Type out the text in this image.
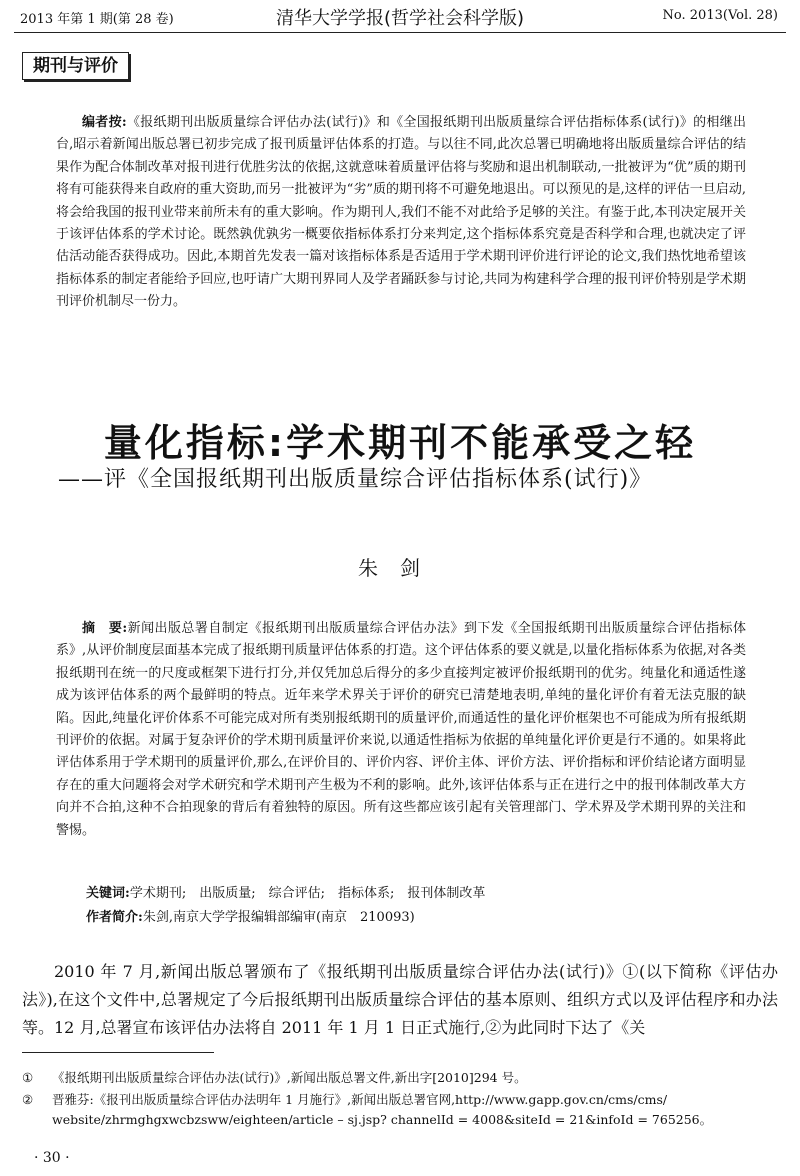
2013 年第 1 期(第 28 卷)	清华大学学报(哲学社会科学版)	No. 2013(Vol. 28)
期刊与评价
编者按:《报纸期刊出版质量综合评估办法(试行)》和《全国报纸期刊出版质量综合评估指标体系(试行)》的相继出台,昭示着新闻出版总署已初步完成了报刊质量评估体系的打造。与以往不同,此次总署已明确地将出版质量综合评估的结果作为配合体制改革对报刊进行优胜劣汰的依据,这就意味着质量评估将与奖励和退出机制联动,一批被评为“优”质的期刊将有可能获得来自政府的重大资助,而另一批被评为“劣”质的期刊将不可避免地退出。可以预见的是,这样的评估一旦启动,将会给我国的报刊业带来前所未有的重大影响。作为期刊人,我们不能不对此给予足够的关注。有鉴于此,本刊决定展开关于该评估体系的学术讨论。既然孰优孰劣一概要依指标体系打分来判定,这个指标体系究竟是否科学和合理,也就决定了评估活动能否获得成功。因此,本期首先发表一篇对该指标体系是否适用于学术期刊评价进行评论的论文,我们热忱地希望该指标体系的制定者能给予回应,也吁请广大期刊界同人及学者踊跃参与讨论,共同为构建科学合理的报刊评价特别是学术期刊评价机制尽一份力。
量化指标:学术期刊不能承受之轻
——评《全国报纸期刊出版质量综合评估指标体系(试行)》
朱剑
摘　要:新闻出版总署自制定《报纸期刊出版质量综合评估办法》到下发《全国报纸期刊出版质量综合评估指标体系》,从评价制度层面基本完成了报纸期刊质量评估体系的打造。这个评估体系的要义就是,以量化指标体系为依据,对各类报纸期刊在统一的尺度或框架下进行打分,并仅凭加总后得分的多少直接判定被评价报纸期刊的优劣。纯量化和通适性遂成为该评估体系的两个最鲜明的特点。近年来学术界关于评价的研究已清楚地表明,单纯的量化评价有着无法克服的缺陷。因此,纯量化评价体系不可能完成对所有类别报纸期刊的质量评价,而通适性的量化评价框架也不可能成为所有报纸期刊评价的依据。对属于复杂评价的学术期刊质量评价来说,以通适性指标为依据的单纯量化评价更是行不通的。如果将此评估体系用于学术期刊的质量评价,那么,在评价目的、评价内容、评价主体、评价方法、评价指标和评价结论诸方面明显存在的重大问题将会对学术研究和学术期刊产生极为不利的影响。此外,该评估体系与正在进行之中的报刊体制改革大方向并不合拍,这种不合拍现象的背后有着独特的原因。所有这些都应该引起有关管理部门、学术界及学术期刊界的关注和警惕。
关键词:学术期刊;　出版质量;　综合评估;　指标体系;　报刊体制改革
作者简介:朱剑,南京大学学报编辑部编审(南京　210093)
2010 年 7 月,新闻出版总署颁布了《报纸期刊出版质量综合评估办法(试行)》①(以下简称《评估办法》),在这个文件中,总署规定了今后报纸期刊出版质量综合评估的基本原则、组织方式以及评估程序和办法等。12 月,总署宣布该评估办法将自 2011 年 1 月 1 日正式施行,②为此同时下达了《关
① 《报纸期刊出版质量综合评估办法(试行)》,新闻出版总署文件,新出字[2010]294 号。
② 晋雅芬:《报刊出版质量综合评估办法明年 1 月施行》,新闻出版总署官网,http://www.gapp.gov.cn/cms/cms/
website/zhrmghgxwcbzsww/eighteen/article – sj.jsp? channelId = 4008&siteId = 21&infoId = 765256。
· 30 ·
